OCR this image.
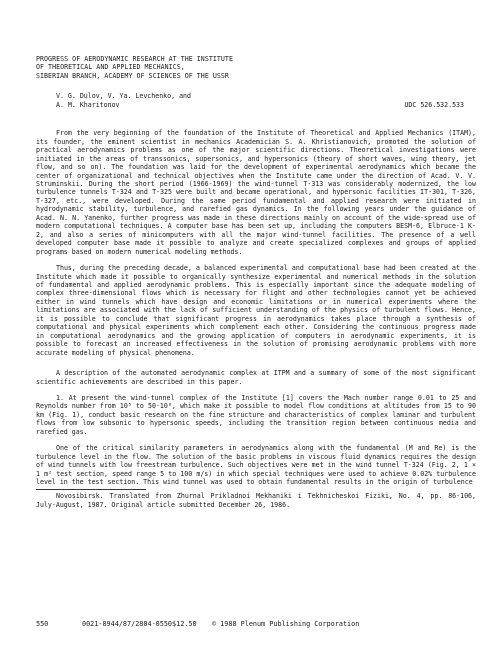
PROGRESS OF AERODYNAMIC RESEARCH AT THE INSTITUTE
OF THEORETICAL AND APPLIED MECHANICS,
SIBERIAN BRANCH, ACADEMY OF SCIENCES OF THE USSR
V. G. Dulov, V. Ya. Levchenko, and
A. M. Kharitonov	UDC 526.532.533

From the very beginning of the foundation of the Institute of Theoretical and Applied Mechanics (ITAM), its founder, the eminent scientist in mechanics Academician S. A. Khristianovich, promoted the solution of practical aerodynamics problems as one of the major scientific directions. Theoretical investigations were initiated in the areas of transsonics, supersonics, and hypersonics (theory of short waves, wing theory, jet flow, and so on). The foundation was laid for the development of experimental aerodynamics which became the center of organizational and technical objectives when the Institute came under the direction of Acad. V. V. Struminskii. During the short period (1966-1969) the wind-tunnel T-313 was considerably modernized, the low turbulence tunnels T-324 and T-325 were built and became operational, and hypersonic facilities IT-301, T-326, T-327, etc., were developed. During the same period fundamental and applied research were initiated in hydrodynamic stability, turbulence, and rarefied gas dynamics. In the following years under the guidance of Acad. N. N. Yanenko, further progress was made in these directions mainly on account of the wide-spread use of modern computational techniques. A computer base has been set up, including the computers BESM-6, Elbruce-1 K-2, and also a series of minicomputers with all the major wind-tunnel facilities. The presence of a well developed computer base made it possible to analyze and create specialized complexes and groups of applied programs based on modern numerical modeling methods.

Thus, during the preceding decade, a balanced experimental and computational base had been created at the Institute which made it possible to organically synthesize experimental and numerical methods in the solution of fundamental and applied aerodynamic problems. This is especially important since the adequate modeling of complex three-dimensional flows which is necessary for flight and other technologies cannot yet be achieved either in wind tunnels which have design and economic limitations or in numerical experiments where the limitations are associated with the lack of sufficient understanding of the physics of turbulent flows. Hence, it is possible to conclude that significant progress in aerodynamics takes place through a synthesis of computational and physical experiments which complement each other. Considering the continuous progress made in computational aerodynamics and the growing application of computers in aerodynamic experiments, it is possible to forecast an increased effectiveness in the solution of promising aerodynamic problems with more accurate modeling of physical phenomena.

A description of the automated aerodynamic complex at ITPM and a summary of some of the most significant scientific achievements are described in this paper.

1. At present the wind-tunnel complex of the Institute [1] covers the Mach number range 0.01 to 25 and Reynolds number from 10⁵ to 50·10⁶, which make it possible to model flow conditions at altitudes from 15 to 90 km (Fig. 1), conduct basic research on the fine structure and characteristics of complex laminar and turbulent flows from low subsonic to hypersonic speeds, including the transition region between continuous media and rarefied gas.

One of the critical similarity parameters in aerodynamics along with the fundamental (M and Re) is the turbulence level in the flow. The solution of the basic problems in viscous fluid dynamics requires the design of wind tunnels with low freestream turbulence. Such objectives were met in the wind tunnel T-324 (Fig. 2, 1 × 1 m² test section, speed range 5 to 100 m/s) in which special techniques were used to achieve 0.02% turbulence level in the test section. This wind tunnel was used to obtain fundamental results in the origin of turbulence

Novosibirsk. Translated from Zhurnal Prikladnoi Mekhaniki i Tekhnicheskoi Fiziki, No. 4, pp. 86-106, July-August, 1987. Original article submitted December 26, 1986.

550	0021-8944/87/2804-0550$12.50	© 1988 Plenum Publishing Corporation
